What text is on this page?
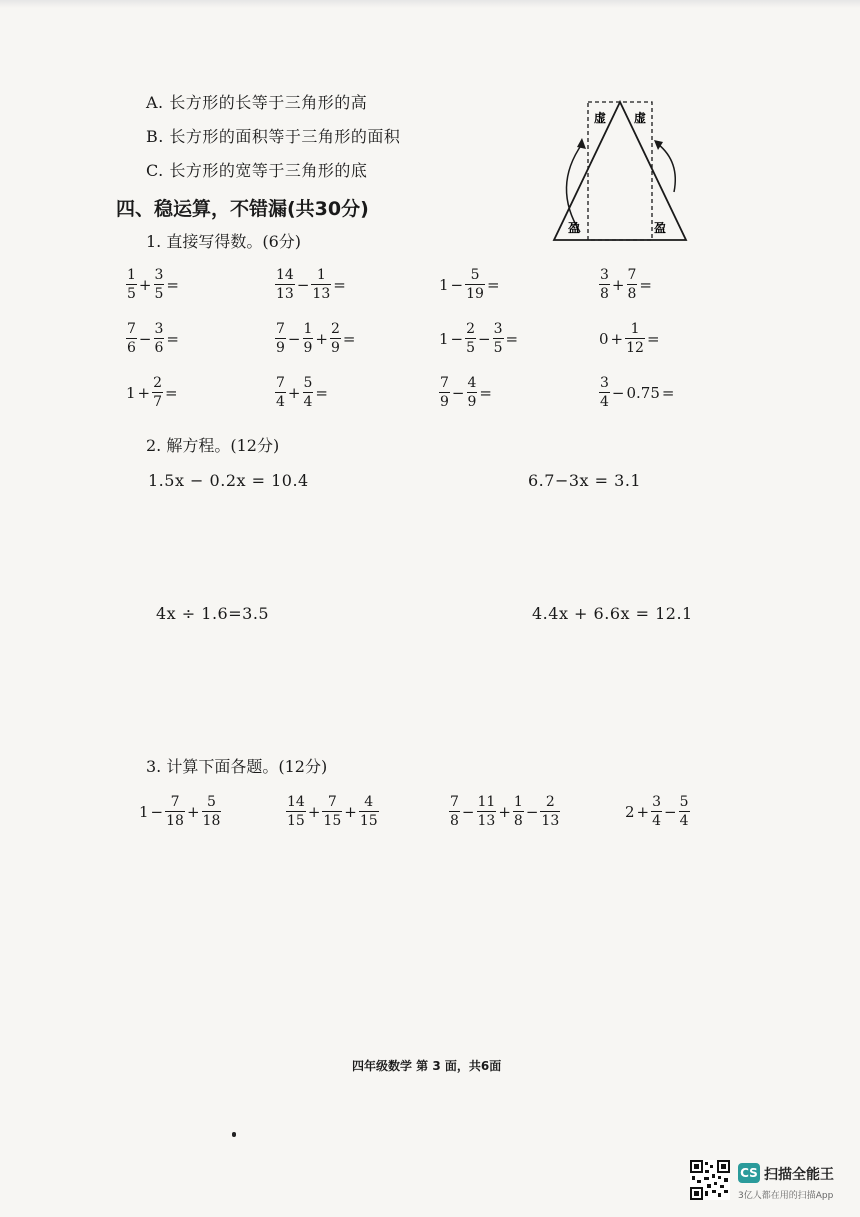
A. 长方形的长等于三角形的高
B. 长方形的面积等于三角形的面积
C. 长方形的宽等于三角形的底
虚 虚
盈	盈
四、稳运算，不错漏(共30分)
1. 直接写得数。(6分)
$\frac{1}{5} + \frac{3}{5}$ =	$\frac{14}{13} - \frac{1}{13}$ =	$1 - \frac{5}{19}$ =	$\frac{3}{8} + \frac{7}{8}$ =
$\frac{7}{6} - \frac{3}{6}$ =	$\frac{7}{9} - \frac{1}{9} + \frac{2}{9}$ =	$1 - \frac{2}{5} - \frac{3}{5}$ =	$0 + \frac{1}{12}$ =
$1 + \frac{2}{7}$ =	$\frac{7}{4} + \frac{5}{4}$ =	$\frac{7}{9} - \frac{4}{9}$ =	$\frac{3}{4} - 0.75$ =
2. 解方程。(12分)
1.5x − 0.2x = 10.4	6.7−3x = 3.1
4x ÷ 1.6=3.5	4.4x + 6.6x = 12.1
3. 计算下面各题。(12分)
$1 - \frac{7}{18} + \frac{5}{18}$	$\frac{14}{15} + \frac{7}{15} + \frac{4}{15}$	$\frac{7}{8} - \frac{11}{13} + \frac{1}{8} - \frac{2}{13}$	$2 + \frac{3}{4} - \frac{5}{4}$
四年级数学 第 3 面，共6面
CS 扫描全能王
3亿人都在用的扫描App
